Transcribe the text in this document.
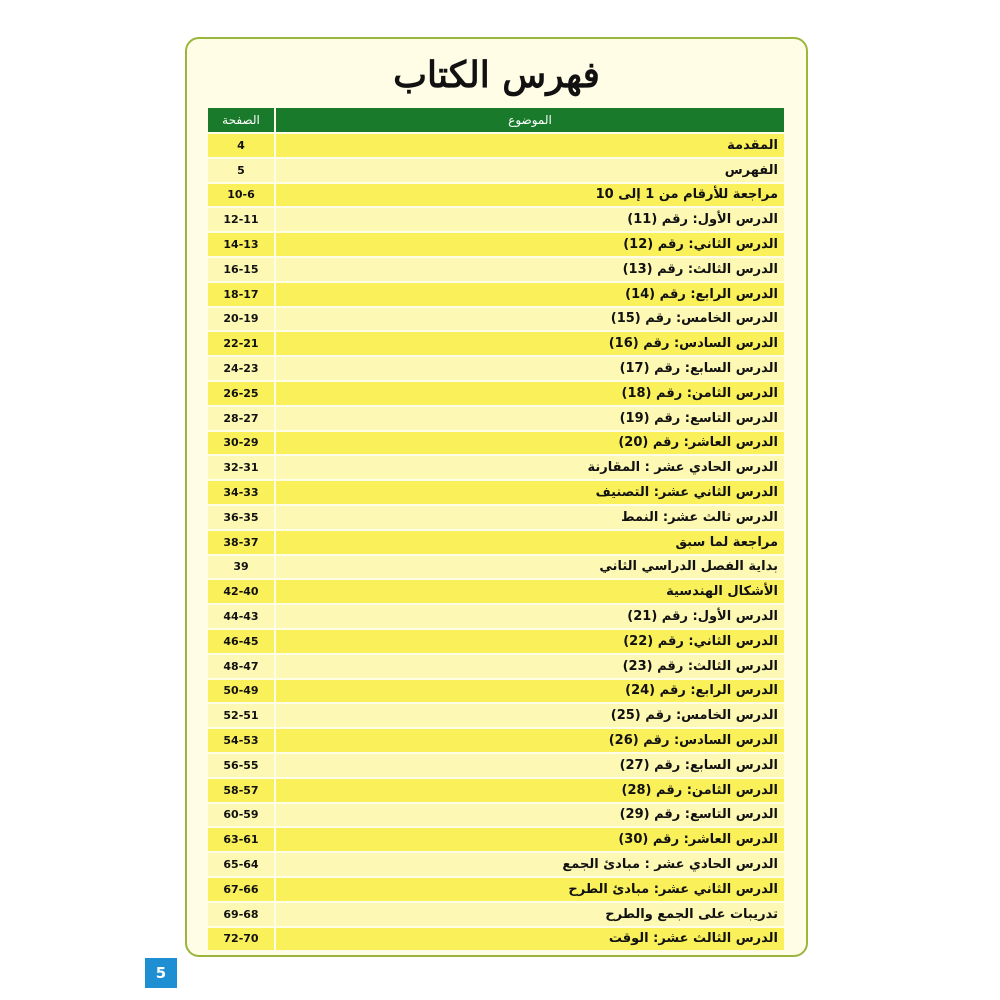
فهرس الكتاب
الموضوع
الصفحة
المقدمة
4
الفهرس
5
مراجعة للأرقام من 1 إلى 10
10-6
الدرس الأول: رقم (11)
12-11
الدرس الثاني: رقم (12)
14-13
الدرس الثالث: رقم (13)
16-15
الدرس الرابع: رقم (14)
18-17
الدرس الخامس: رقم (15)
20-19
الدرس السادس: رقم (16)
22-21
الدرس السابع: رقم (17)
24-23
الدرس الثامن: رقم (18)
26-25
الدرس التاسع: رقم (19)
28-27
الدرس العاشر: رقم (20)
30-29
الدرس الحادي عشر : المقارنة
32-31
الدرس الثاني عشر: التصنيف
34-33
الدرس ثالث عشر: النمط
36-35
مراجعة لما سبق
38-37
بداية الفصل الدراسي الثاني
39
الأشكال الهندسية
42-40
الدرس الأول: رقم (21)
44-43
الدرس الثاني: رقم (22)
46-45
الدرس الثالث: رقم (23)
48-47
الدرس الرابع: رقم (24)
50-49
الدرس الخامس: رقم (25)
52-51
الدرس السادس: رقم (26)
54-53
الدرس السابع: رقم (27)
56-55
الدرس الثامن: رقم (28)
58-57
الدرس التاسع: رقم (29)
60-59
الدرس العاشر: رقم (30)
63-61
الدرس الحادي عشر : مبادئ الجمع
65-64
الدرس الثاني عشر: مبادئ الطرح
67-66
تدريبات على الجمع والطرح
69-68
الدرس الثالث عشر: الوقت
72-70
5
